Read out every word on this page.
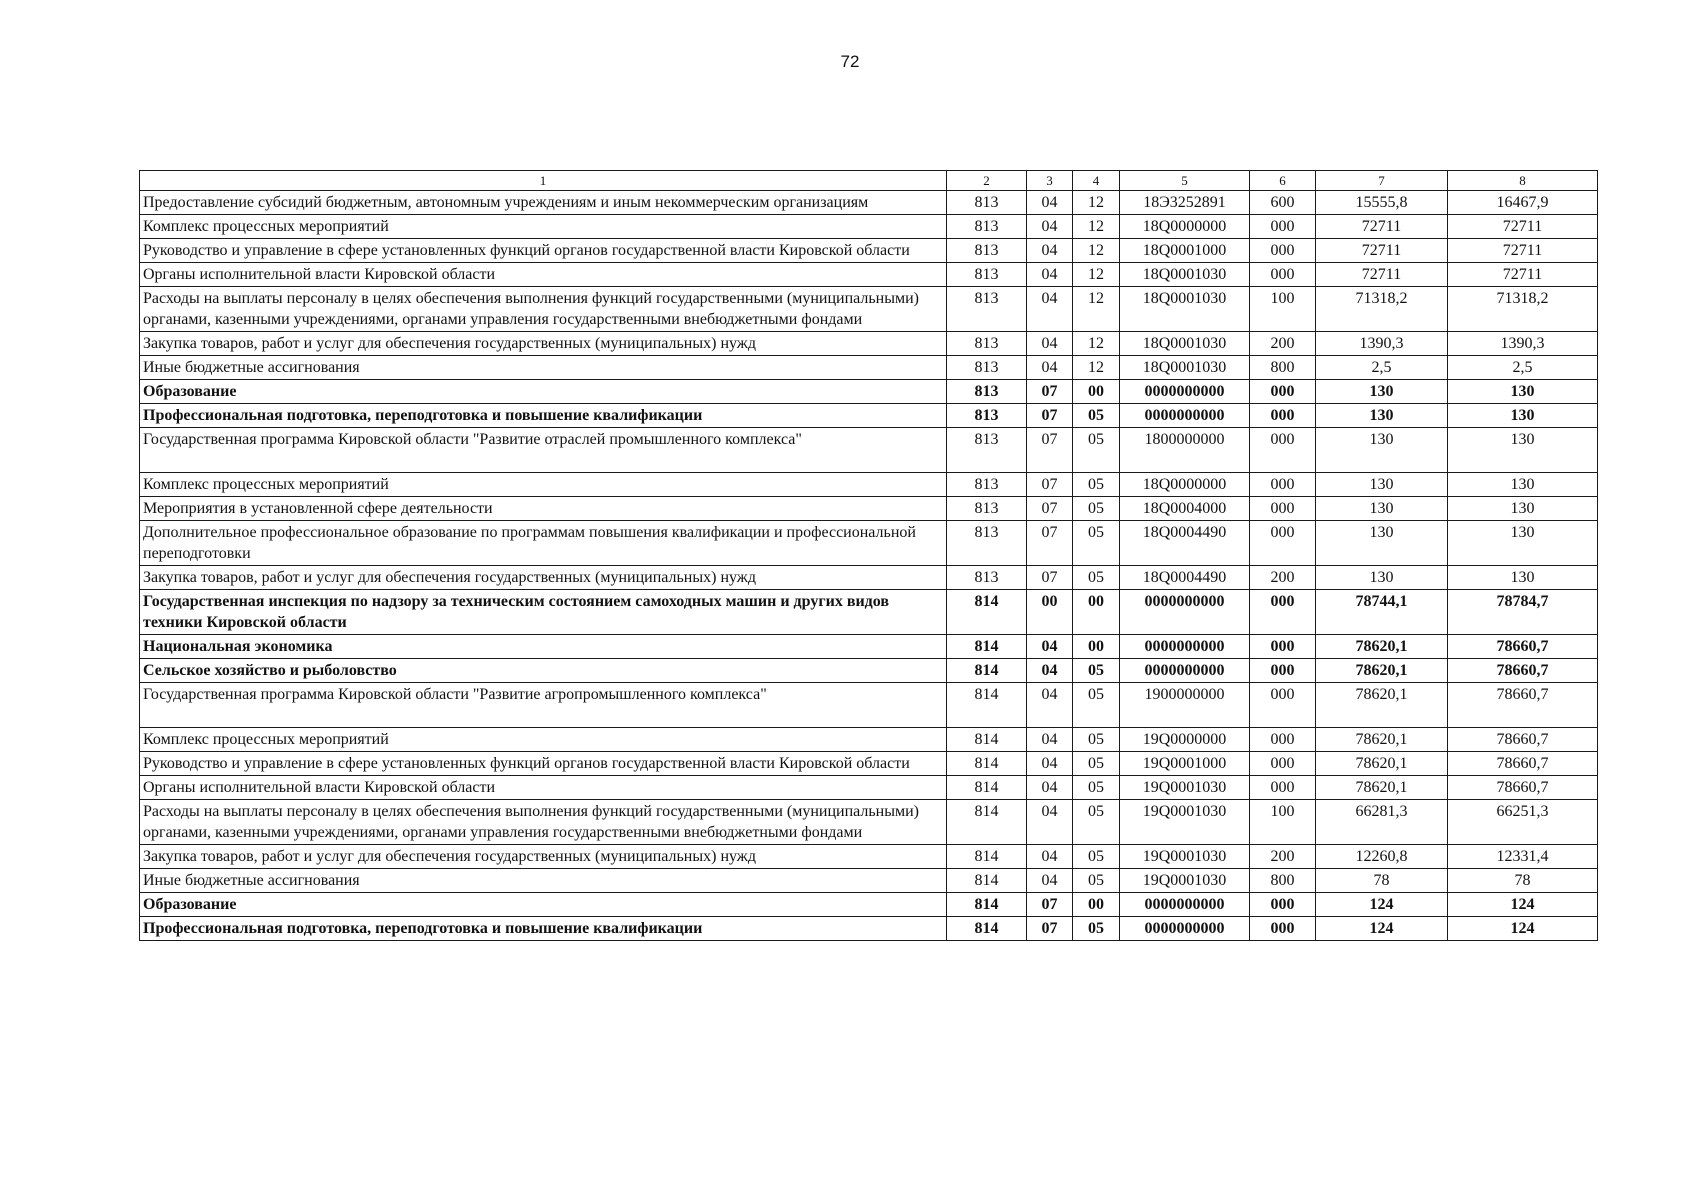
72
1	2	3	4	5	6	7	8
Предоставление субсидий бюджетным, автономным учреждениям и иным некоммерческим организациям	813	04	12	18Э3252891	600	15555,8	16467,9
Комплекс процессных мероприятий	813	04	12	18Q0000000	000	72711	72711
Руководство и управление в сфере установленных функций органов государственной власти Кировской области	813	04	12	18Q0001000	000	72711	72711
Органы исполнительной власти Кировской области	813	04	12	18Q0001030	000	72711	72711
Расходы на выплаты персоналу в целях обеспечения выполнения функций государственными (муниципальными) органами, казенными учреждениями, органами управления государственными внебюджетными фондами	813	04	12	18Q0001030	100	71318,2	71318,2
Закупка товаров, работ и услуг для обеспечения государственных (муниципальных) нужд	813	04	12	18Q0001030	200	1390,3	1390,3
Иные бюджетные ассигнования	813	04	12	18Q0001030	800	2,5	2,5
Образование	813	07	00	0000000000	000	130	130
Профессиональная подготовка, переподготовка и повышение квалификации	813	07	05	0000000000	000	130	130
Государственная программа Кировской области "Развитие отраслей промышленного комплекса"	813	07	05	1800000000	000	130	130
Комплекс процессных мероприятий	813	07	05	18Q0000000	000	130	130
Мероприятия в установленной сфере деятельности	813	07	05	18Q0004000	000	130	130
Дополнительное профессиональное образование по программам повышения квалификации и профессиональной переподготовки	813	07	05	18Q0004490	000	130	130
Закупка товаров, работ и услуг для обеспечения государственных (муниципальных) нужд	813	07	05	18Q0004490	200	130	130
Государственная инспекция по надзору за техническим состоянием самоходных машин и других видов техники Кировской области	814	00	00	0000000000	000	78744,1	78784,7
Национальная экономика	814	04	00	0000000000	000	78620,1	78660,7
Сельское хозяйство и рыболовство	814	04	05	0000000000	000	78620,1	78660,7
Государственная программа Кировской области "Развитие агропромышленного комплекса"	814	04	05	1900000000	000	78620,1	78660,7
Комплекс процессных мероприятий	814	04	05	19Q0000000	000	78620,1	78660,7
Руководство и управление в сфере установленных функций органов государственной власти Кировской области	814	04	05	19Q0001000	000	78620,1	78660,7
Органы исполнительной власти Кировской области	814	04	05	19Q0001030	000	78620,1	78660,7
Расходы на выплаты персоналу в целях обеспечения выполнения функций государственными (муниципальными) органами, казенными учреждениями, органами управления государственными внебюджетными фондами	814	04	05	19Q0001030	100	66281,3	66251,3
Закупка товаров, работ и услуг для обеспечения государственных (муниципальных) нужд	814	04	05	19Q0001030	200	12260,8	12331,4
Иные бюджетные ассигнования	814	04	05	19Q0001030	800	78	78
Образование	814	07	00	0000000000	000	124	124
Профессиональная подготовка, переподготовка и повышение квалификации	814	07	05	0000000000	000	124	124
